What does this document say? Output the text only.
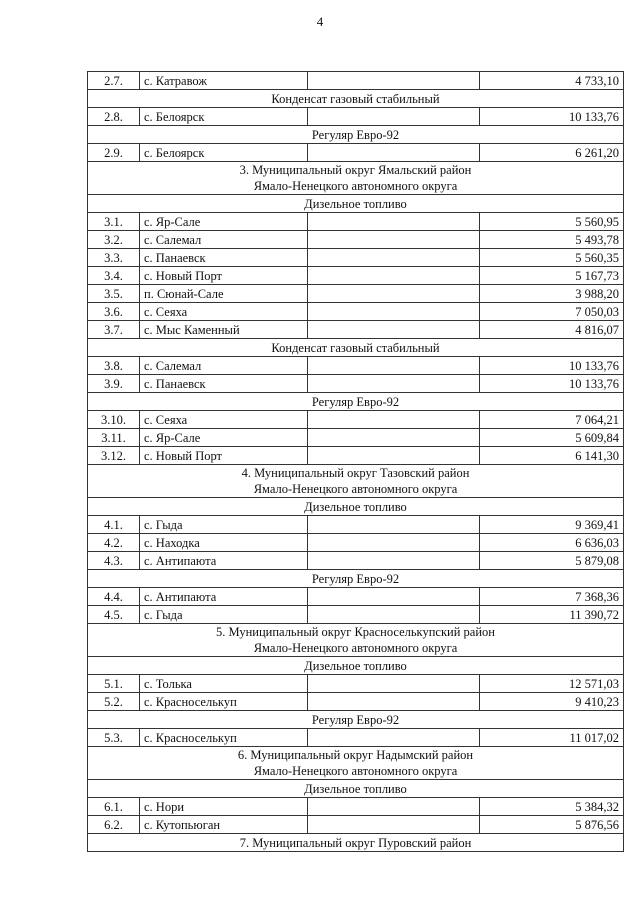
4
2.7.	с. Катравож		4 733,10

Конденсат газовый стабильный			

2.8.	с. Белоярск		10 133,76

Регуляр Евро-92			

2.9.	с. Белоярск		6 261,20

3. Муниципальный округ Ямальский район
Ямало-Ненецкого автономного округа			

Дизельное топливо			

3.1.	с. Яр-Сале		5 560,95
3.2.	с. Салемал		5 493,78
3.3.	с. Панаевск		5 560,35
3.4.	с. Новый Порт		5 167,73
3.5.	п. Сюнай-Сале		3 988,20
3.6.	с. Сеяха		7 050,03
3.7.	с. Мыс Каменный		4 816,07

Конденсат газовый стабильный			

3.8.	с. Салемал		10 133,76
3.9.	с. Панаевск		10 133,76

Регуляр Евро-92			

3.10.	с. Сеяха		7 064,21
3.11.	с. Яр-Сале		5 609,84
3.12.	с. Новый Порт		6 141,30

4. Муниципальный округ Тазовский район
Ямало-Ненецкого автономного округа			

Дизельное топливо			

4.1.	с. Гыда		9 369,41
4.2.	с. Находка		6 636,03
4.3.	с. Антипаюта		5 879,08

Регуляр Евро-92			

4.4.	с. Антипаюта		7 368,36
4.5.	с. Гыда		11 390,72

5. Муниципальный округ Красноселькупский район
Ямало-Ненецкого автономного округа			

Дизельное топливо			

5.1.	с. Толька		12 571,03
5.2.	с. Красноселькуп		9 410,23

Регуляр Евро-92			

5.3.	с. Красноселькуп		11 017,02

6. Муниципальный округ Надымский район
Ямало-Ненецкого автономного округа			

Дизельное топливо			

6.1.	с. Нори		5 384,32
6.2.	с. Кутопьюган		5 876,56

7. Муниципальный округ Пуровский район			
